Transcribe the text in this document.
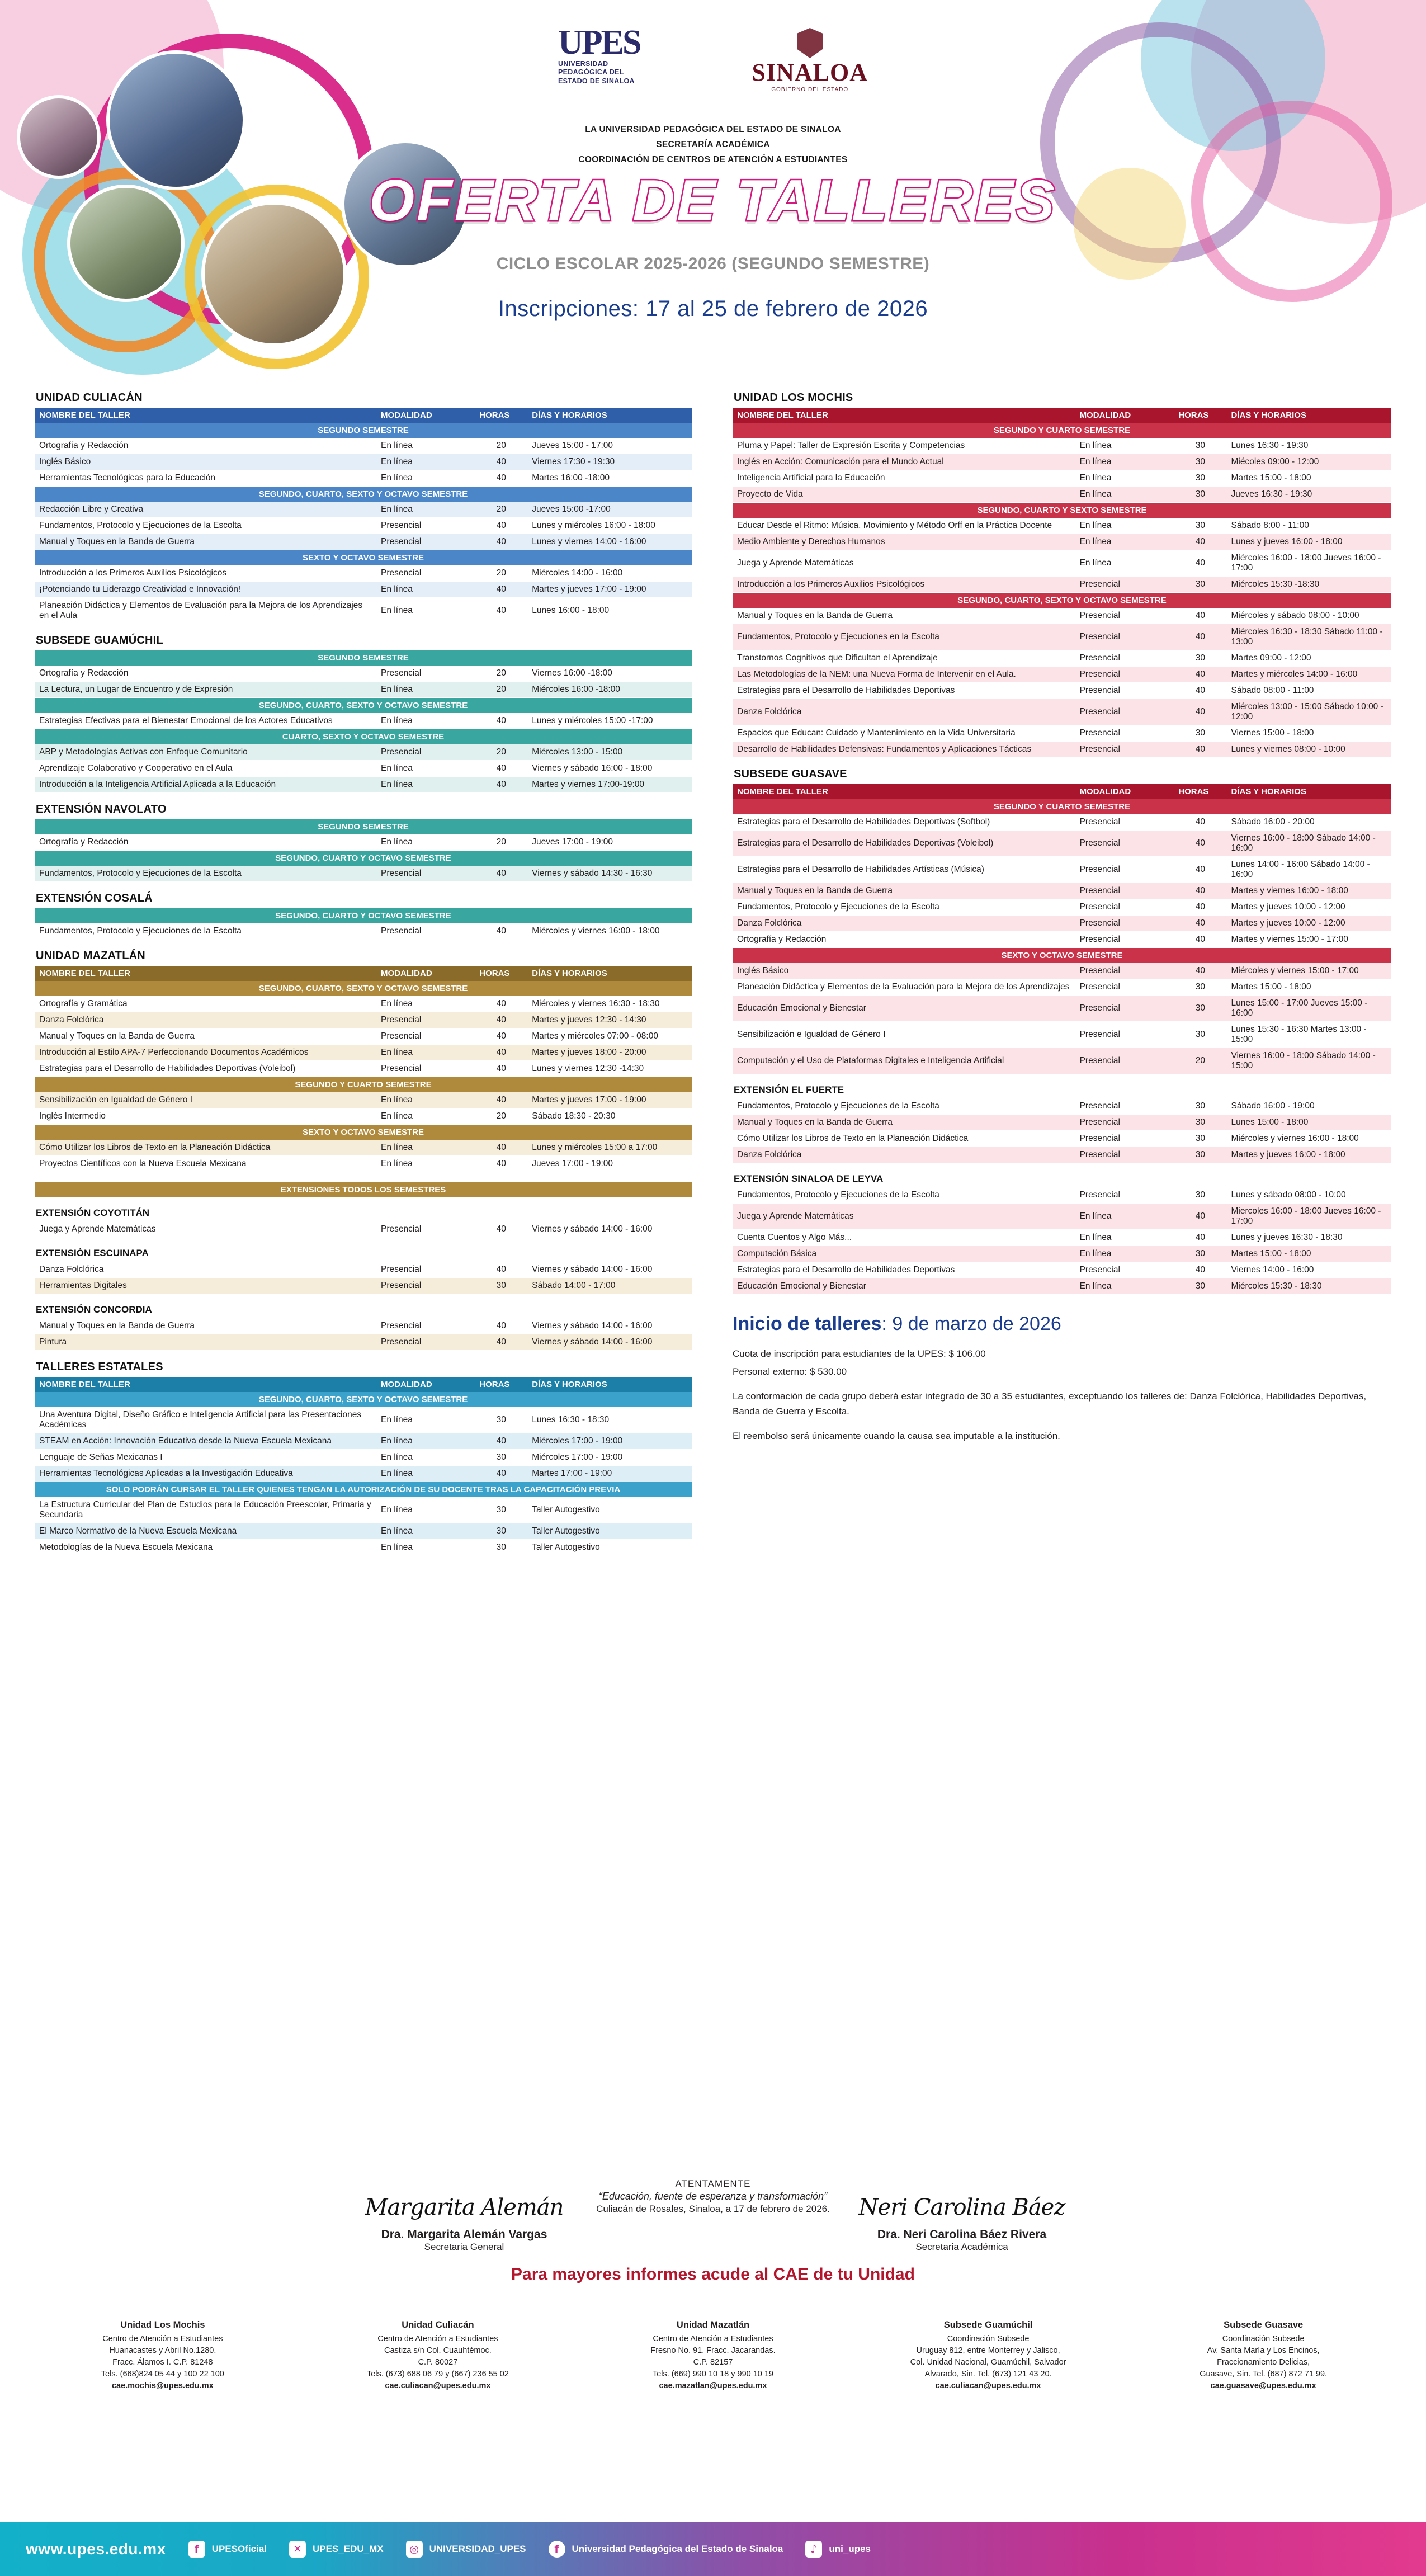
UPES
UNIVERSIDAD
PEDAGÓGICA DEL
ESTADO DE SINALOA	SINALOA
GOBIERNO DEL ESTADO
LA UNIVERSIDAD PEDAGÓGICA DEL ESTADO DE SINALOA
SECRETARÍA ACADÉMICA
COORDINACIÓN DE CENTROS DE ATENCIÓN A ESTUDIANTES
OFERTA DE TALLERES
CICLO ESCOLAR 2025-2026 (SEGUNDO SEMESTRE)
Inscripciones: 17 al 25 de febrero de 2026
UNIDAD CULIACÁN
NOMBRE DEL TALLER	MODALIDAD	HORAS	DÍAS Y HORARIOS
SEGUNDO SEMESTRE			
Ortografía y Redacción	En línea	20	Jueves 15:00 - 17:00
Inglés Básico	En línea	40	Viernes 17:30 - 19:30
Herramientas Tecnológicas para la Educación	En línea	40	Martes 16:00 -18:00
SEGUNDO, CUARTO, SEXTO Y OCTAVO SEMESTRE			
Redacción Libre y Creativa	En línea	20	Jueves 15:00 -17:00
Fundamentos, Protocolo y Ejecuciones de la Escolta	Presencial	40	Lunes y miércoles 16:00 - 18:00
Manual y Toques en la Banda de Guerra	Presencial	40	Lunes y viernes 14:00 - 16:00
SEXTO Y OCTAVO SEMESTRE			
Introducción a los Primeros Auxilios Psicológicos	Presencial	20	Miércoles 14:00 - 16:00
¡Potenciando tu Liderazgo Creatividad e Innovación!	En línea	40	Martes y jueves 17:00 - 19:00
Planeación Didáctica y Elementos de Evaluación para la Mejora de los Aprendizajes en el Aula	En línea	40	Lunes 16:00 - 18:00
SUBSEDE GUAMÚCHIL
SEGUNDO SEMESTRE			
Ortografía y Redacción	Presencial	20	Viernes 16:00 -18:00
La Lectura, un Lugar de Encuentro y de Expresión	En línea	20	Miércoles 16:00 -18:00
SEGUNDO, CUARTO, SEXTO Y OCTAVO SEMESTRE			
Estrategias Efectivas para el Bienestar Emocional de los Actores Educativos	En línea	40	Lunes y miércoles 15:00 -17:00
CUARTO, SEXTO Y OCTAVO SEMESTRE			
ABP y Metodologías Activas con Enfoque Comunitario	Presencial	20	Miércoles 13:00 - 15:00
Aprendizaje Colaborativo y Cooperativo en el Aula	En línea	40	Viernes y sábado 16:00 - 18:00
Introducción a la Inteligencia Artificial Aplicada a la Educación	En línea	40	Martes y viernes 17:00-19:00
EXTENSIÓN NAVOLATO
SEGUNDO SEMESTRE			
Ortografía y Redacción	En línea	20	Jueves 17:00 - 19:00
SEGUNDO, CUARTO Y OCTAVO SEMESTRE			
Fundamentos, Protocolo y Ejecuciones de la Escolta	Presencial	40	Viernes y sábado 14:30 - 16:30
EXTENSIÓN COSALÁ
SEGUNDO, CUARTO Y OCTAVO SEMESTRE
Fundamentos, Protocolo y Ejecuciones de la Escolta	Presencial	40	Miércoles y viernes 16:00 - 18:00
UNIDAD MAZATLÁN
NOMBRE DEL TALLER	MODALIDAD	HORAS	DÍAS Y HORARIOS
SEGUNDO, CUARTO, SEXTO Y OCTAVO SEMESTRE			
Ortografía y Gramática	En línea	40	Miércoles y viernes 16:30 - 18:30
Danza Folclórica	Presencial	40	Martes y jueves 12:30 - 14:30
Manual y Toques en la Banda de Guerra	Presencial	40	Martes y miércoles 07:00 - 08:00
Introducción al Estilo APA-7 Perfeccionando Documentos Académicos	En línea	40	Martes y jueves 18:00 - 20:00
Estrategias para el Desarrollo de Habilidades Deportivas (Voleibol)	Presencial	40	Lunes y viernes 12:30 -14:30
SEGUNDO Y CUARTO SEMESTRE			
Sensibilización en Igualdad de Género I	En línea	40	Martes y jueves 17:00 - 19:00
Inglés Intermedio	En línea	20	Sábado 18:30 - 20:30
SEXTO Y OCTAVO SEMESTRE			
Cómo Utilizar los Libros de Texto en la Planeación Didáctica	En línea	40	Lunes y miércoles 15:00 a 17:00
Proyectos Científicos con la Nueva Escuela Mexicana	En línea	40	Jueves 17:00 - 19:00
EXTENSIONES TODOS LOS SEMESTRES
EXTENSIÓN COYOTITÁN
Juega y Aprende Matemáticas	Presencial	40	Viernes y sábado 14:00 - 16:00
EXTENSIÓN ESCUINAPA
Danza Folclórica	Presencial	40	Viernes y sábado 14:00 - 16:00
Herramientas Digitales	Presencial	30	Sábado 14:00 - 17:00
EXTENSIÓN CONCORDIA
Manual y Toques en la Banda de Guerra	Presencial	40	Viernes y sábado 14:00 - 16:00
Pintura	Presencial	40	Viernes y sábado 14:00 - 16:00
TALLERES ESTATALES
NOMBRE DEL TALLER	MODALIDAD	HORAS	DÍAS Y HORARIOS
SEGUNDO, CUARTO, SEXTO Y OCTAVO SEMESTRE			
Una Aventura Digital, Diseño Gráfico e Inteligencia Artificial para las Presentaciones Académicas	En línea	30	Lunes 16:30 - 18:30
STEAM en Acción: Innovación Educativa desde la Nueva Escuela Mexicana	En línea	40	Miércoles 17:00 - 19:00
Lenguaje de Señas Mexicanas I	En línea	30	Miércoles 17:00 - 19:00
Herramientas Tecnológicas Aplicadas a la Investigación Educativa	En línea	40	Martes 17:00 - 19:00
SOLO PODRÁN CURSAR EL TALLER QUIENES TENGAN LA AUTORIZACIÓN DE SU DOCENTE TRAS LA CAPACITACIÓN PREVIA			
La Estructura Curricular del Plan de Estudios para la Educación Preescolar, Primaria y Secundaria	En línea	30	Taller Autogestivo
El Marco Normativo de la Nueva Escuela Mexicana	En línea	30	Taller Autogestivo
Metodologías de la Nueva Escuela Mexicana	En línea	30	Taller Autogestivo
UNIDAD LOS MOCHIS
NOMBRE DEL TALLER	MODALIDAD	HORAS	DÍAS Y HORARIOS
SEGUNDO Y CUARTO SEMESTRE			
Pluma y Papel: Taller de Expresión Escrita y Competencias	En línea	30	Lunes 16:30 - 19:30
Inglés en Acción: Comunicación para el Mundo Actual	En línea	30	Miécoles 09:00 - 12:00
Inteligencia Artificial para la Educación	En línea	30	Martes 15:00 - 18:00
Proyecto de Vida	En línea	30	Jueves 16:30 - 19:30
SEGUNDO, CUARTO Y SEXTO SEMESTRE			
Educar Desde el Ritmo: Música, Movimiento y Método Orff en la Práctica Docente	En línea	30	Sábado 8:00 - 11:00
Medio Ambiente y Derechos Humanos	En línea	40	Lunes y jueves 16:00 - 18:00
Juega y Aprende Matemáticas	En línea	40	Miércoles 16:00 - 18:00 Jueves 16:00 - 17:00
Introducción a los Primeros Auxilios Psicológicos	Presencial	30	Miércoles 15:30 -18:30
SEGUNDO, CUARTO, SEXTO Y OCTAVO SEMESTRE			
Manual y Toques en la Banda de Guerra	Presencial	40	Miércoles y sábado 08:00 - 10:00
Fundamentos, Protocolo y Ejecuciones en la Escolta	Presencial	40	Miércoles 16:30 - 18:30 Sábado 11:00 - 13:00
Transtornos Cognitivos que Dificultan el Aprendizaje	Presencial	30	Martes 09:00 - 12:00
Las Metodologías de la NEM: una Nueva Forma de Intervenir en el Aula.	Presencial	40	Martes y miércoles 14:00 - 16:00
Estrategias para el Desarrollo de Habilidades Deportivas	Presencial	40	Sábado 08:00 - 11:00
Danza Folclórica	Presencial	40	Miércoles 13:00 - 15:00 Sábado 10:00 - 12:00
Espacios que Educan: Cuidado y Mantenimiento en la Vida Universitaria	Presencial	30	Viernes 15:00 - 18:00
Desarrollo de Habilidades Defensivas: Fundamentos y Aplicaciones Tácticas	Presencial	40	Lunes y viernes 08:00 - 10:00
SUBSEDE GUASAVE
NOMBRE DEL TALLER	MODALIDAD	HORAS	DÍAS Y HORARIOS
SEGUNDO Y CUARTO SEMESTRE			
Estrategias para el Desarrollo de Habilidades Deportivas (Softbol)	Presencial	40	Sábado 16:00 - 20:00
Estrategias para el Desarrollo de Habilidades Deportivas (Voleibol)	Presencial	40	Viernes 16:00 - 18:00 Sábado 14:00 - 16:00
Estrategias para el Desarrollo de Habilidades Artísticas (Música)	Presencial	40	Lunes 14:00 - 16:00 Sábado 14:00 - 16:00
Manual y Toques en la Banda de Guerra	Presencial	40	Martes y viernes 16:00 - 18:00
Fundamentos, Protocolo y Ejecuciones de la Escolta	Presencial	40	Martes y jueves 10:00 - 12:00
Danza Folclórica	Presencial	40	Martes y jueves 10:00 - 12:00
Ortografía y Redacción	Presencial	40	Martes y viernes 15:00 - 17:00
SEXTO Y OCTAVO SEMESTRE			
Inglés Básico	Presencial	40	Miércoles y viernes 15:00 - 17:00
Planeación Didáctica y Elementos de la Evaluación para la Mejora de los Aprendizajes	Presencial	30	Martes 15:00 - 18:00
Educación Emocional y Bienestar	Presencial	30	Lunes 15:00 - 17:00 Jueves 15:00 - 16:00
Sensibilización e Igualdad de Género I	Presencial	30	Lunes 15:30 - 16:30 Martes 13:00 - 15:00
Computación y el Uso de Plataformas Digitales e Inteligencia Artificial	Presencial	20	Viernes 16:00 - 18:00 Sábado 14:00 - 15:00
EXTENSIÓN EL FUERTE
Fundamentos, Protocolo y Ejecuciones de la Escolta	Presencial	30	Sábado 16:00 - 19:00
Manual y Toques en la Banda de Guerra	Presencial	30	Lunes 15:00 - 18:00
Cómo Utilizar los Libros de Texto en la Planeación Didáctica	Presencial	30	Miércoles y viernes 16:00 - 18:00
Danza Folclórica	Presencial	30	Martes y jueves 16:00 - 18:00
EXTENSIÓN SINALOA DE LEYVA
Fundamentos, Protocolo y Ejecuciones de la Escolta	Presencial	30	Lunes y sábado 08:00 - 10:00
Juega y Aprende Matemáticas	En línea	40	Miercoles 16:00 - 18:00 Jueves 16:00 - 17:00
Cuenta Cuentos y Algo Más...	En línea	40	Lunes y jueves 16:30 - 18:30
Computación Básica	En línea	30	Martes 15:00 - 18:00
Estrategias para el Desarrollo de Habilidades Deportivas	Presencial	40	Viernes 14:00 - 16:00
Educación Emocional y Bienestar	En línea	30	Miércoles 15:30 - 18:30
Inicio de talleres: 9 de marzo de 2026
Cuota de inscripción para estudiantes de la UPES: $ 106.00
Personal externo: $ 530.00
La conformación de cada grupo deberá estar integrado de 30 a 35 estudiantes, exceptuando los talleres de: Danza Folclórica, Habilidades Deportivas, Banda de Guerra y Escolta.
El reembolso será únicamente cuando la causa sea imputable a la institución.
ATENTAMENTE
“Educación, fuente de esperanza y transformación”
Culiacán de Rosales, Sinaloa, a 17 de febrero de 2026.
Margarita Alemán
Dra. Margarita Alemán Vargas
Secretaria General
Neri Carolina Báez
Dra. Neri Carolina Báez Rivera
Secretaria Académica
Para mayores informes acude al CAE de tu Unidad
Unidad Los Mochis
Centro de Atención a Estudiantes
Huanacastes y Abril No.1280.
Fracc. Álamos I. C.P. 81248
Tels. (668)824 05 44 y 100 22 100
cae.mochis@upes.edu.mx
Unidad Culiacán
Centro de Atención a Estudiantes
Castiza s/n Col. Cuauhtémoc.
C.P. 80027
Tels. (673) 688 06 79 y (667) 236 55 02
cae.culiacan@upes.edu.mx
Unidad Mazatlán
Centro de Atención a Estudiantes
Fresno No. 91. Fracc. Jacarandas.
C.P. 82157
Tels. (669) 990 10 18 y 990 10 19
cae.mazatlan@upes.edu.mx
Subsede Guamúchil
Coordinación Subsede
Uruguay 812, entre Monterrey y Jalisco,
Col. Unidad Nacional, Guamúchil, Salvador
Alvarado, Sin. Tel. (673) 121 43 20.
cae.culiacan@upes.edu.mx
Subsede Guasave
Coordinación Subsede
Av. Santa María y Los Encinos,
Fraccionamiento Delicias,
Guasave, Sin. Tel. (687) 872 71 99.
cae.guasave@upes.edu.mx
www.upes.edu.mx	f	UPESOficial	✕	UPES_EDU_MX	◎	UNIVERSIDAD_UPES	f	Universidad Pedagógica del Estado de Sinaloa	♪	uni_upes
